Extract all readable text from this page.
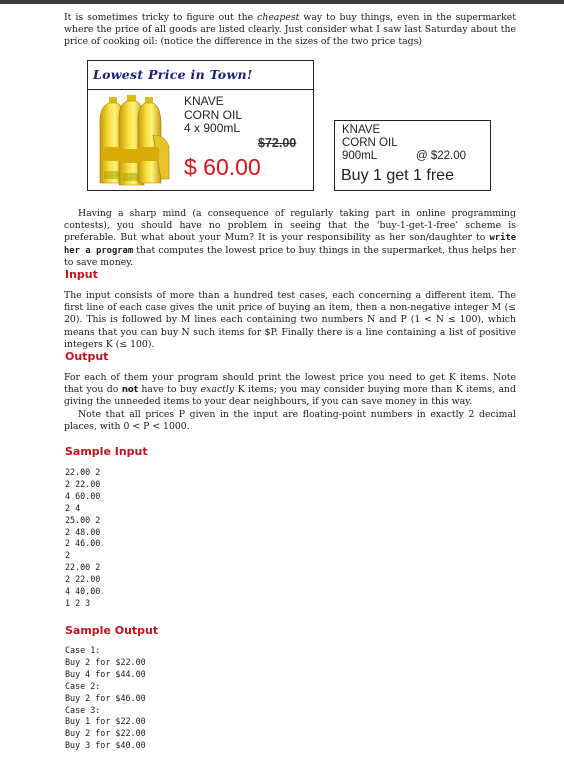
It is sometimes tricky to figure out the cheapest way to buy things, even in the supermarket where the price of all goods are listed clearly. Just consider what I saw last Saturday about the price of cooking oil: (notice the difference in the sizes of the two price tags)

Lowest Price in Town!
KNAVE
CORN OIL
4 x 900mL
$72.00
$ 60.00
KNAVE
CORN OIL
900mL	@ $22.00
Buy 1 get 1 free

Having a sharp mind (a consequence of regularly taking part in online programming contests), you should have no problem in seeing that the ‘buy-1-get-1-free’ scheme is preferable. But what about your Mum? It is your responsibility as her son/daughter to write her a program that computes the lowest price to buy things in the supermarket, thus helps her to save money.

Input

The input consists of more than a hundred test cases, each concerning a different item. The first line of each case gives the unit price of buying an item, then a non-negative integer M (≤ 20). This is followed by M lines each containing two numbers N and P (1 < N ≤ 100), which means that you can buy N such items for $P. Finally there is a line containing a list of positive integers K (≤ 100).

Output

For each of them your program should print the lowest price you need to get K items. Note that you do not have to buy exactly K items; you may consider buying more than K items, and giving the unneeded items to your dear neighbours, if you can save money in this way.

Note that all prices P given in the input are floating-point numbers in exactly 2 decimal places, with 0 < P < 1000.

Sample Input
22.00 2
2 22.00
4 60.00
2 4
25.00 2
2 48.00
2 46.00
2
22.00 2
2 22.00
4 40.00
1 2 3
Sample Output
Case 1:
Buy 2 for $22.00
Buy 4 for $44.00
Case 2:
Buy 2 for $46.00
Case 3:
Buy 1 for $22.00
Buy 2 for $22.00
Buy 3 for $40.00
